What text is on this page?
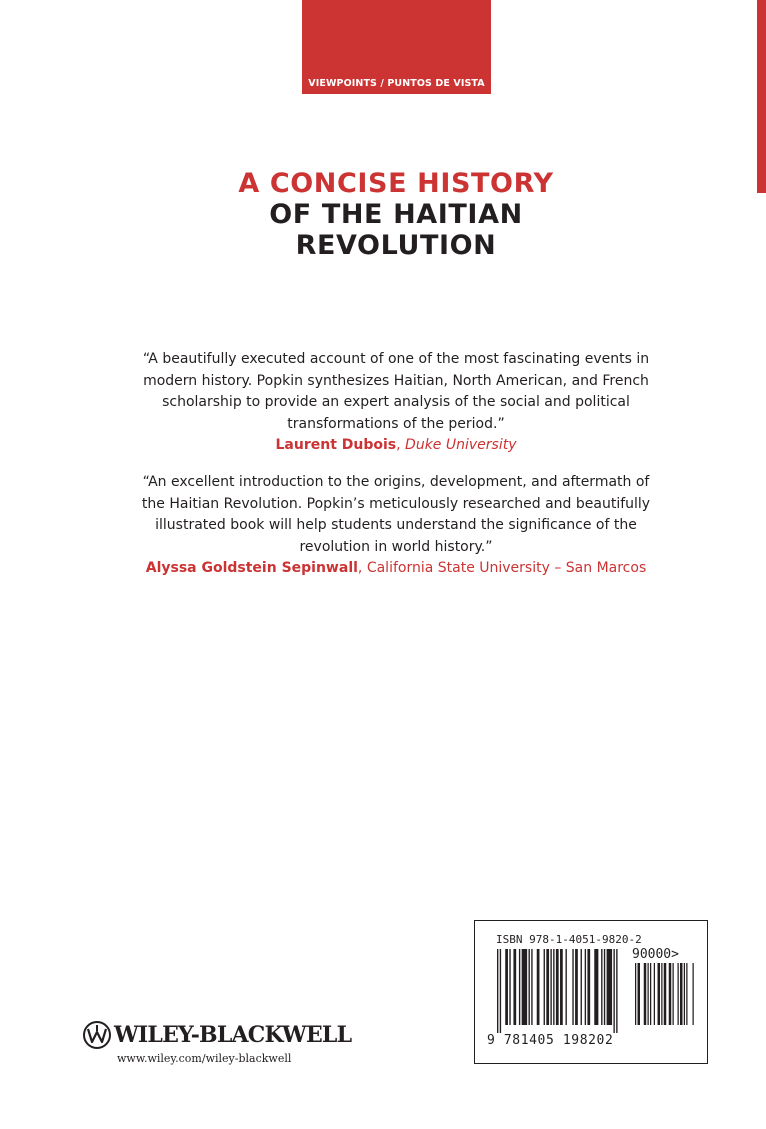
VIEWPOINTS / PUNTOS DE VISTA
A CONCISE HISTORY
OF THE HAITIAN
REVOLUTION
“A beautifully executed account of one of the most fascinating events in modern history. Popkin synthesizes Haitian, North American, and French scholarship to provide an expert analysis of the social and political transformations of the period.”
Laurent Dubois, Duke University
“An excellent introduction to the origins, development, and aftermath of the Haitian Revolution. Popkin’s meticulously researched and beautifully illustrated book will help students understand the significance of the revolution in world history.”
Alyssa Goldstein Sepinwall, California State University – San Marcos
WILEY-BLACKWELL
www.wiley.com/wiley-blackwell
ISBN 978-1-4051-9820-2
90000>
9 781405 198202
